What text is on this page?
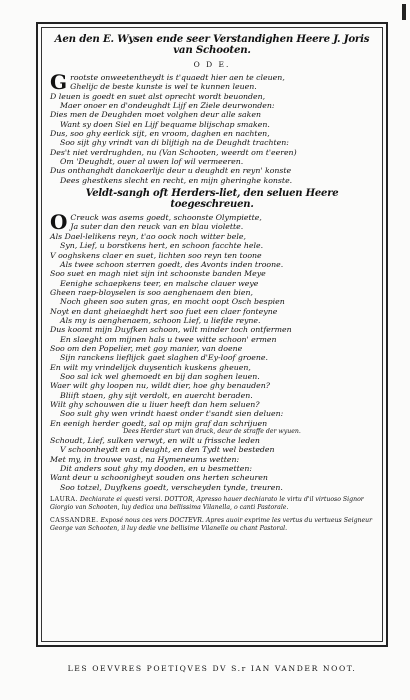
Aen den E. Wysen ende seer Verstandighen Heere J. Joris van Schooten.
O D E.
Grootste onweetentheydt is t'quaedt hier aen te cleuen,
Ghelijc de beste kunste is wel te kunnen leuen.
D leuen is goedt en suet alst oprecht wordt beuonden,
Maer onoer en d'ondeughdt Lijf en Ziele deurwonden:
Dies men de Deughden moet volghen deur alle saken
Want sy doen Siel en Lijf bequame blijschap smaken.
Dus, soo ghy eerlick sijt, en vroom, daghen en nachten,
Soo sijt ghy vrindt van di blijtigh na de Deughdt trachten:
Des't niet verdrughden, nu (Van Schooten, weerdt om t'eeren)
Om 'Deughdt, ouer al uwen lof wil vermeeren.
Dus onthanghdt danckaerlijc deur u deughdt en reyn' konste
Dees ghestkens slecht en recht, en mijn gheringhe konste.
Veldt-sangh oft Herders-liet, den seluen Heere toegeschreuen.
O Creuck was asems goedt, schoonste Olympiette,
Ja suter dan den reuck van en blau violette.
Als Dael-lelikens reyn, t'ao oock noch witter bele,
Syn, Lief, u borstkens hert, en schoon facchte hele.
V ooghskens claer en suet, lichten soo reyn ten toone
Als twee schoon sterren goedt, des Avonts inden troone.
Soo suet en magh niet sijn int schoonste banden Meye
Eenighe schaepkens teer, en malsche clauer weye
Gheen raep-bloyselen is soo aenghenaem den bien,
Noch gheen soo suten gras, en mocht oopt Osch bespien
Noyt en dant gheiaeghdt hert soo fuet een claer fonteyne
Als my is aenghenaem, schoon Lief, u liefde reyne.
Dus koomt mijn Duyfken schoon, wilt minder toch ontfermen
En slaeght om mijnen hals u twee witte schoon' ermen
Soo om den Popelier, met goy manier, van doene
Sijn ranckens lieflijck gaet slaghen d'Ey-loof groene.
En wilt my vrindelijck duysentich kuskens gheuen,
Soo sal ick wel ghemoedt en bij dan soghen leuen.
Waer wilt ghy loopen nu, wildt dier, hoe ghy benauden?
Bliift staen, ghy sijt verdolt, en auercht beraden.
Wilt ghy schouwen die u liuer heeft dan hem seluen?
Soo sult ghy wen vrindt haest onder t'sandt sien deluen:
En eenigh herder goedt, sal op mijn graf dan schrijuen
Dees Herder sturt van druck, deur de straffe der wyuen.
Schoudt, Lief, sulken verwyt, en wilt u frissche leden
V schoonheydt en u deught, en den Tydt wel besteden
Met my, in trouwe vast, na Hymeneums wetten:
Dit anders sout ghy my dooden, en u besmetten:
Want deur u schoonigheyt souden ons herten scheuren
Soo totzel, Duyfkens goedt, verscheyden tynde, treuren.
LAURA. Dechiarate ei questi versi. DOTTOR, Apresso hauer dechiarato le virtu d'il virtuoso Signor Giorgio van Schooten, luy dedica una bellissima Vilanella, o canti Pastorale.
CASSANDRE. Exposé nous ces vers DOCTEVR. Apres auoir exprime les vertus du vertueus Seigneur George van Schooten, il luy dedie vne bellisime Vilanelle ou chant Pastoral.
LES OEVVRES POETIQVES DV S.r IAN VANDER NOOT.
